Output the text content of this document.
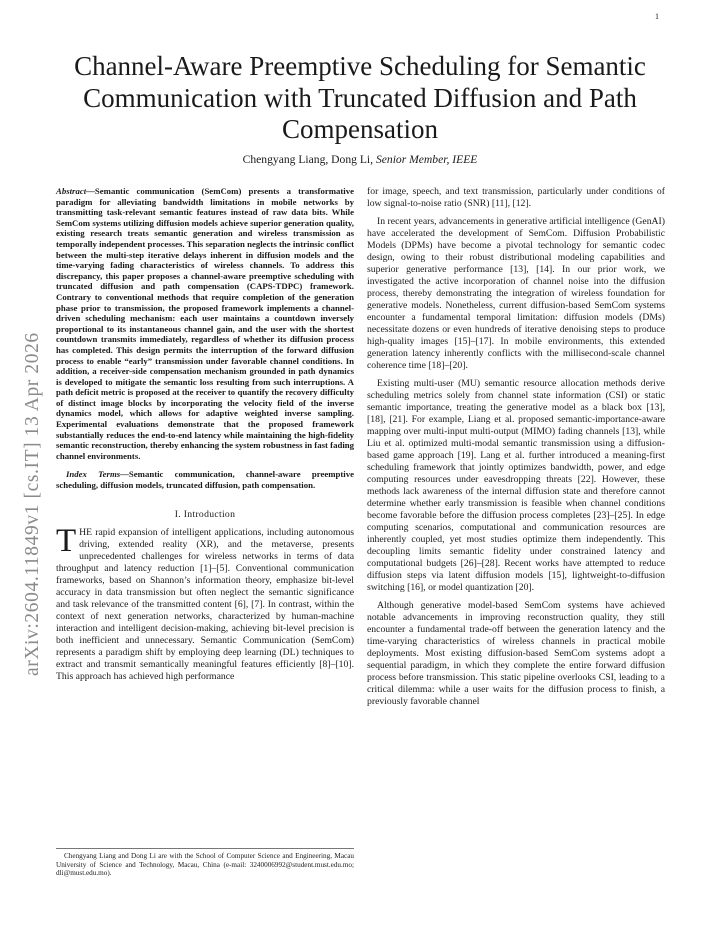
1
arXiv:2604.11849v1 [cs.IT] 13 Apr 2026
Channel-Aware Preemptive Scheduling for Semantic Communication with Truncated Diffusion and Path Compensation
Chengyang Liang, Dong Li, Senior Member, IEEE

Abstract—Semantic communication (SemCom) presents a transformative paradigm for alleviating bandwidth limitations in mobile networks by transmitting task-relevant semantic features instead of raw data bits. While SemCom systems utilizing diffusion models achieve superior generation quality, existing research treats semantic generation and wireless transmission as temporally independent processes. This separation neglects the intrinsic conflict between the multi-step iterative delays inherent in diffusion models and the time-varying fading characteristics of wireless channels. To address this discrepancy, this paper proposes a channel-aware preemptive scheduling with truncated diffusion and path compensation (CAPS-TDPC) framework. Contrary to conventional methods that require completion of the generation phase prior to transmission, the proposed framework implements a channel-driven scheduling mechanism: each user maintains a countdown inversely proportional to its instantaneous channel gain, and the user with the shortest countdown transmits immediately, regardless of whether its diffusion process has completed. This design permits the interruption of the forward diffusion process to enable “early” transmission under favorable channel conditions. In addition, a receiver-side compensation mechanism grounded in path dynamics is developed to mitigate the semantic loss resulting from such interruptions. A path deficit metric is proposed at the receiver to quantify the recovery difficulty of distinct image blocks by incorporating the velocity field of the inverse dynamics model, which allows for adaptive weighted inverse sampling. Experimental evaluations demonstrate that the proposed framework substantially reduces the end-to-end latency while maintaining the high-fidelity semantic reconstruction, thereby enhancing the system robustness in fast fading channel environments.

Index Terms—Semantic communication, channel-aware preemptive scheduling, diffusion models, truncated diffusion, path compensation.

I. Introduction

THE rapid expansion of intelligent applications, including autonomous driving, extended reality (XR), and the metaverse, presents unprecedented challenges for wireless networks in terms of data throughput and latency reduction [1]–[5]. Conventional communication frameworks, based on Shannon’s information theory, emphasize bit-level accuracy in data transmission but often neglect the semantic significance and task relevance of the transmitted content [6], [7]. In contrast, within the context of next generation networks, characterized by human-machine interaction and intelligent decision-making, achieving bit-level precision is both inefficient and unnecessary. Semantic Communication (SemCom) represents a paradigm shift by employing deep learning (DL) techniques to extract and transmit semantically meaningful features efficiently [8]–[10]. This approach has achieved high performance

Chengyang Liang and Dong Li are with the School of Computer Science and Engineering, Macau University of Science and Technology, Macau, China (e-mail: 3240006992@student.must.edu.mo; dli@must.edu.mo).

for image, speech, and text transmission, particularly under conditions of low signal-to-noise ratio (SNR) [11], [12].

In recent years, advancements in generative artificial intelligence (GenAI) have accelerated the development of SemCom. Diffusion Probabilistic Models (DPMs) have become a pivotal technology for semantic codec design, owing to their robust distributional modeling capabilities and superior generative performance [13], [14]. In our prior work, we investigated the active incorporation of channel noise into the diffusion process, thereby demonstrating the integration of wireless foundation for generative models. Nonetheless, current diffusion-based SemCom systems encounter a fundamental temporal limitation: diffusion models (DMs) necessitate dozens or even hundreds of iterative denoising steps to produce high-quality images [15]–[17]. In mobile environments, this extended generation latency inherently conflicts with the millisecond-scale channel coherence time [18]–[20].

Existing multi-user (MU) semantic resource allocation methods derive scheduling metrics solely from channel state information (CSI) or static semantic importance, treating the generative model as a black box [13], [18], [21]. For example, Liang et al. proposed semantic-importance-aware mapping over multi-input multi-output (MIMO) fading channels [13], while Liu et al. optimized multi-modal semantic transmission using a diffusion-based game approach [19]. Lang et al. further introduced a meaning-first scheduling framework that jointly optimizes bandwidth, power, and edge computing resources under eavesdropping threats [22]. However, these methods lack awareness of the internal diffusion state and therefore cannot determine whether early transmission is feasible when channel conditions become favorable before the diffusion process completes [23]–[25]. In edge computing scenarios, computational and communication resources are inherently coupled, yet most studies optimize them independently. This decoupling limits semantic fidelity under constrained latency and computational budgets [26]–[28]. Recent works have attempted to reduce diffusion steps via latent diffusion models [15], lightweight-to-diffusion switching [16], or model quantization [20].

Although generative model-based SemCom systems have achieved notable advancements in improving reconstruction quality, they still encounter a fundamental trade-off between the generation latency and the time-varying characteristics of wireless channels in practical mobile deployments. Most existing diffusion-based SemCom systems adopt a sequential paradigm, in which they complete the entire forward diffusion process before transmission. This static pipeline overlooks CSI, leading to a critical dilemma: while a user waits for the diffusion process to finish, a previously favorable channel
